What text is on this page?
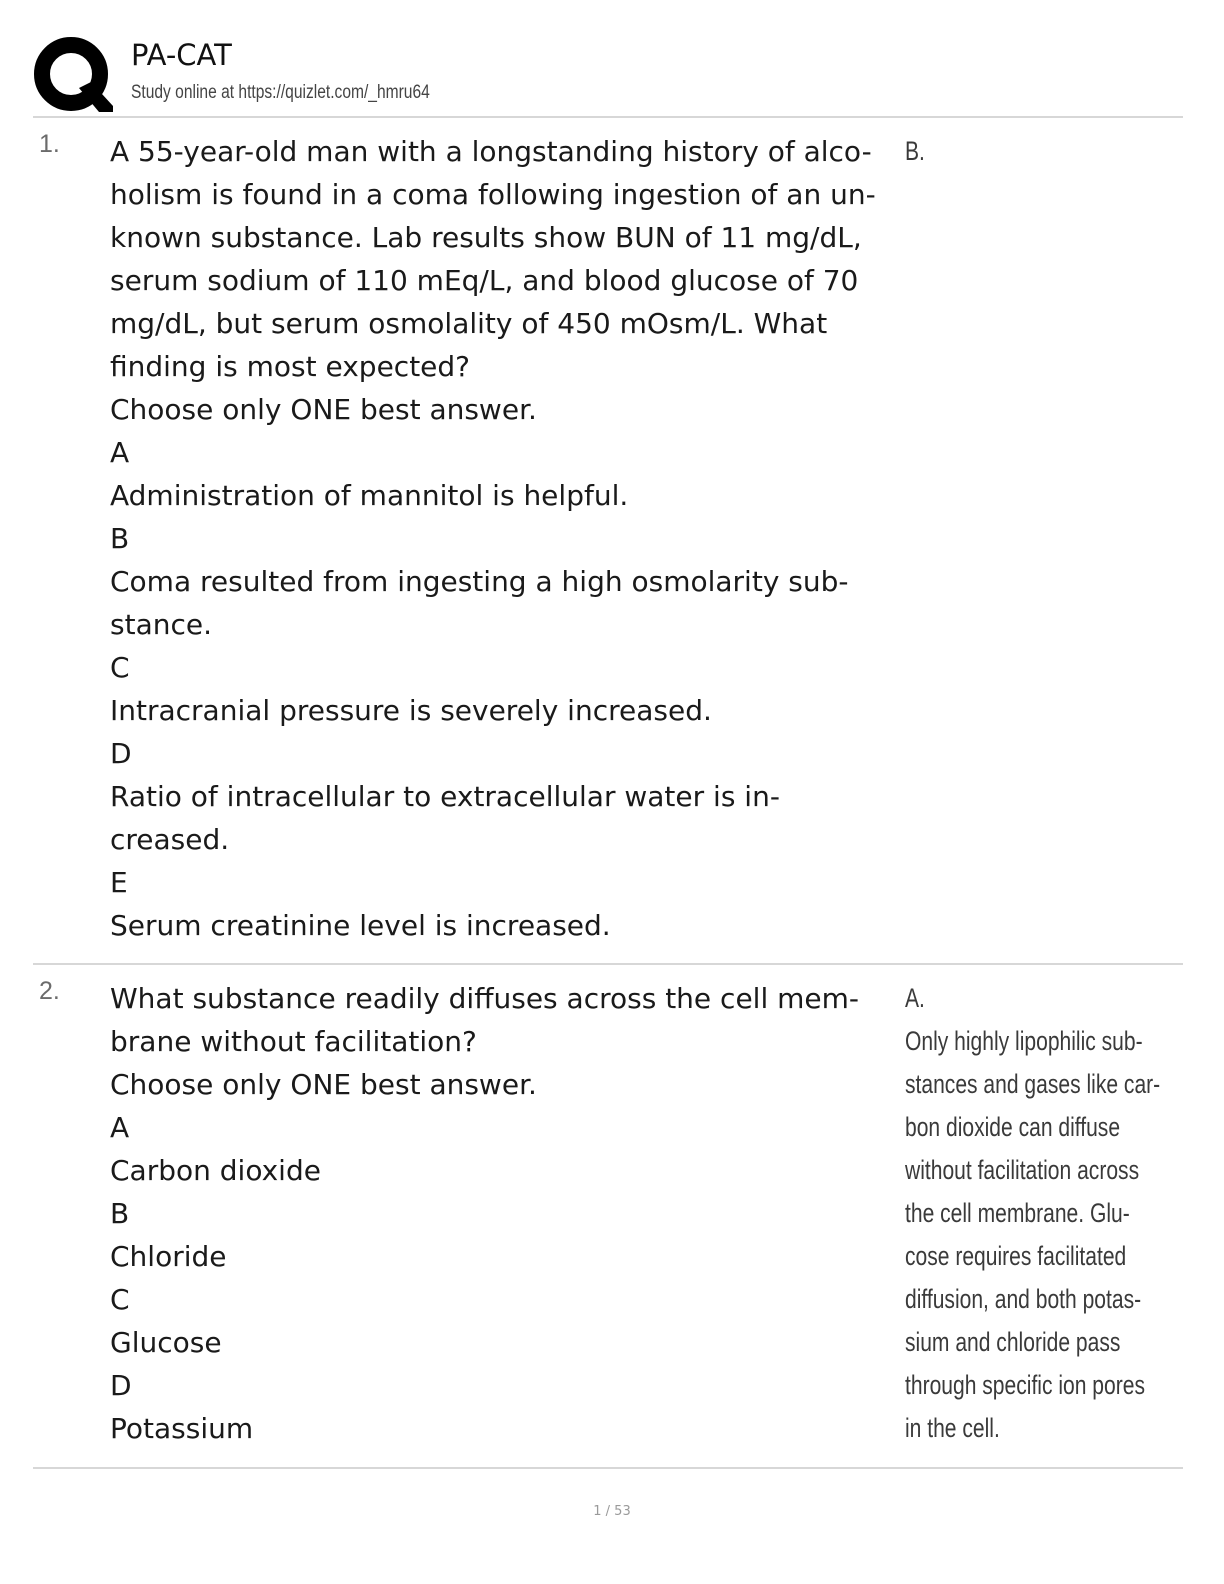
PA-CAT
Study online at https://quizlet.com/_hmru64
1. A 55-year-old man with a longstanding history of alco-
holism is found in a coma following ingestion of an un-
known substance. Lab results show BUN of 11 mg/dL,
serum sodium of 110 mEq/L, and blood glucose of 70
mg/dL, but serum osmolality of 450 mOsm/L. What
finding is most expected?
Choose only ONE best answer.
A
Administration of mannitol is helpful.
B
Coma resulted from ingesting a high osmolarity sub-
stance.
C
Intracranial pressure is severely increased.
D
Ratio of intracellular to extracellular water is in-
creased.
E
Serum creatinine level is increased.
B.
2. What substance readily diffuses across the cell mem-
brane without facilitation?
Choose only ONE best answer.
A
Carbon dioxide
B
Chloride
C
Glucose
D
Potassium
A.
Only highly lipophilic sub-
stances and gases like car-
bon dioxide can diffuse
without facilitation across
the cell membrane. Glu-
cose requires facilitated
diffusion, and both potas-
sium and chloride pass
through specific ion pores
in the cell.
1 / 53
